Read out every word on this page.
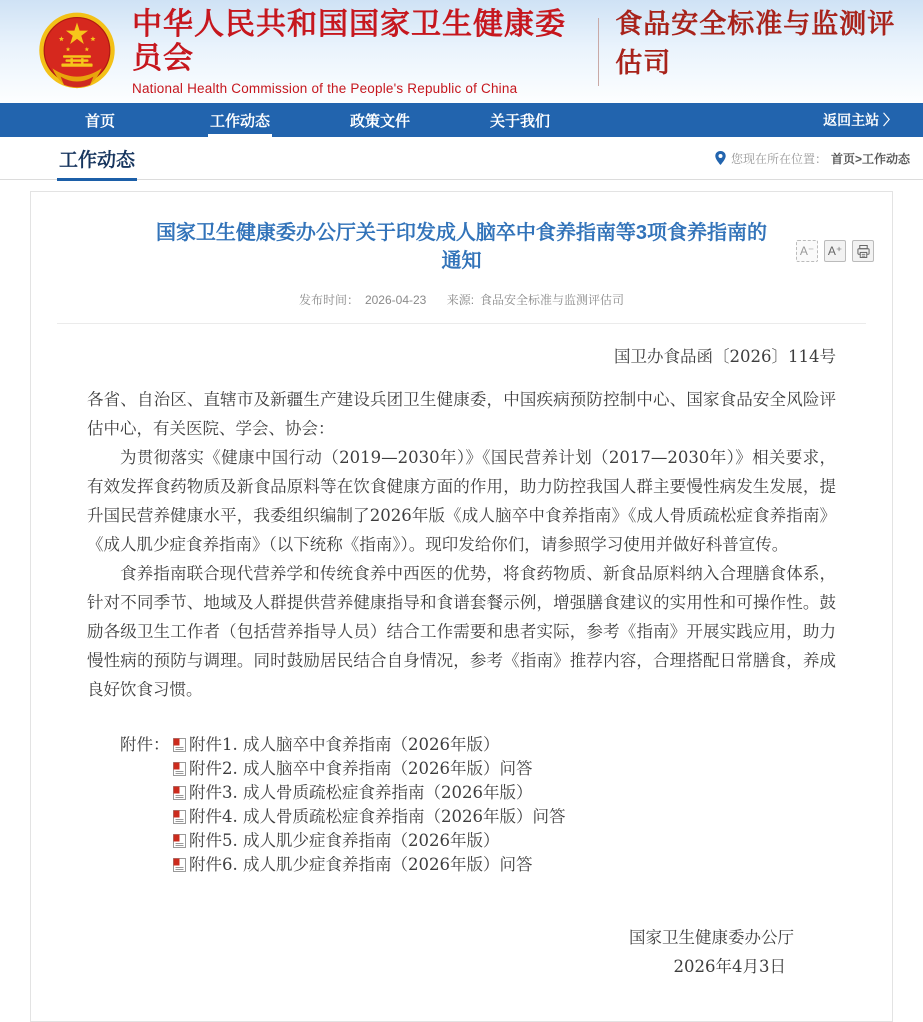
中华人民共和国国家卫生健康委员会
National Health Commission of the People's Republic of China
食品安全标准与监测评估司
首页	工作动态	政策文件	关于我们	返回主站 〉
工作动态	您现在所在位置： 首页>工作动态
国家卫生健康委办公厅关于印发成人脑卒中食养指南等3项食养指南的通知
发布时间： 2026-04-23 来源: 食品安全标准与监测评估司
A⁻	A⁺
国卫办食品函〔2026〕114号

各省、自治区、直辖市及新疆生产建设兵团卫生健康委，中国疾病预防控制中心、国家食品安全风险评估中心，有关医院、学会、协会：

为贯彻落实《健康中国行动（2019—2030年）》《国民营养计划（2017—2030年）》相关要求，有效发挥食药物质及新食品原料等在饮食健康方面的作用，助力防控我国人群主要慢性病发生发展，提升国民营养健康水平，我委组织编制了2026年版《成人脑卒中食养指南》《成人骨质疏松症食养指南》《成人肌少症食养指南》（以下统称《指南》）。现印发给你们，请参照学习使用并做好科普宣传。

食养指南联合现代营养学和传统食养中西医的优势，将食药物质、新食品原料纳入合理膳食体系，针对不同季节、地域及人群提供营养健康指导和食谱套餐示例，增强膳食建议的实用性和可操作性。鼓励各级卫生工作者（包括营养指导人员）结合工作需要和患者实际，参考《指南》开展实践应用，助力慢性病的预防与调理。同时鼓励居民结合自身情况，参考《指南》推荐内容，合理搭配日常膳食，养成良好饮食习惯。

附件：	附件1. 成人脑卒中食养指南（2026年版）
附件2. 成人脑卒中食养指南（2026年版）问答
附件3. 成人骨质疏松症食养指南（2026年版）
附件4. 成人骨质疏松症食养指南（2026年版）问答
附件5. 成人肌少症食养指南（2026年版）
附件6. 成人肌少症食养指南（2026年版）问答
国家卫生健康委办公厅
2026年4月3日
